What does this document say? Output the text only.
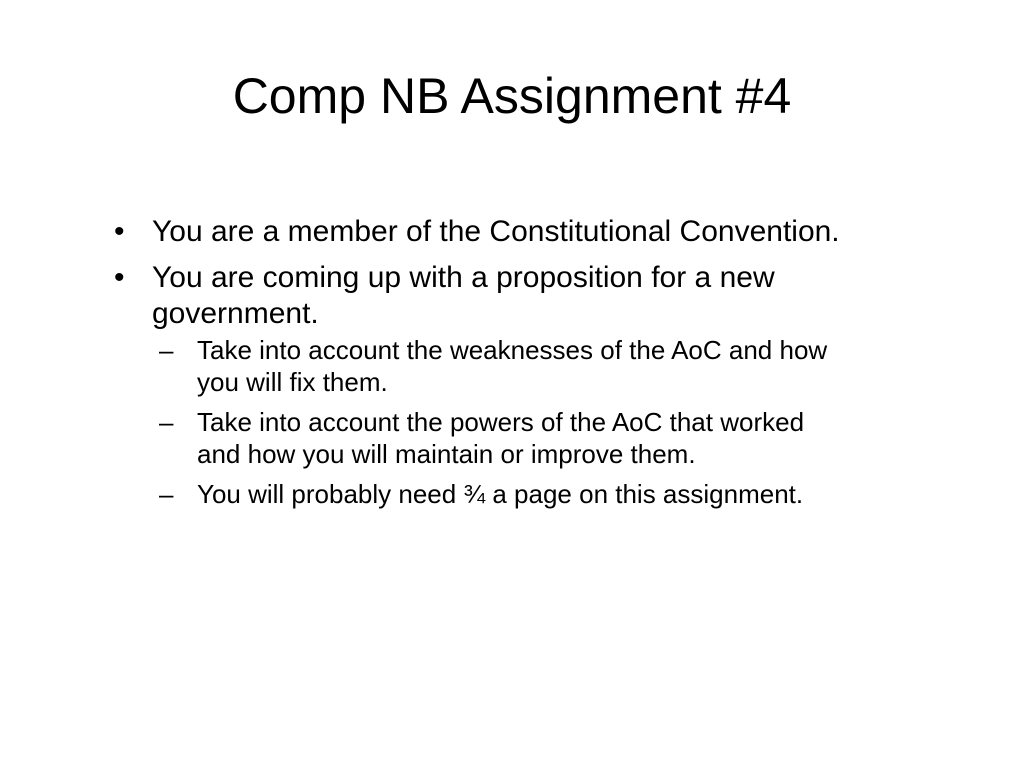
Comp NB Assignment #4
• You are a member of the Constitutional Convention.
• You are coming up with a proposition for a new government.
– Take into account the weaknesses of the AoC and how you will fix them.
– Take into account the powers of the AoC that worked and how you will maintain or improve them.
– You will probably need ¾ a page on this assignment.
